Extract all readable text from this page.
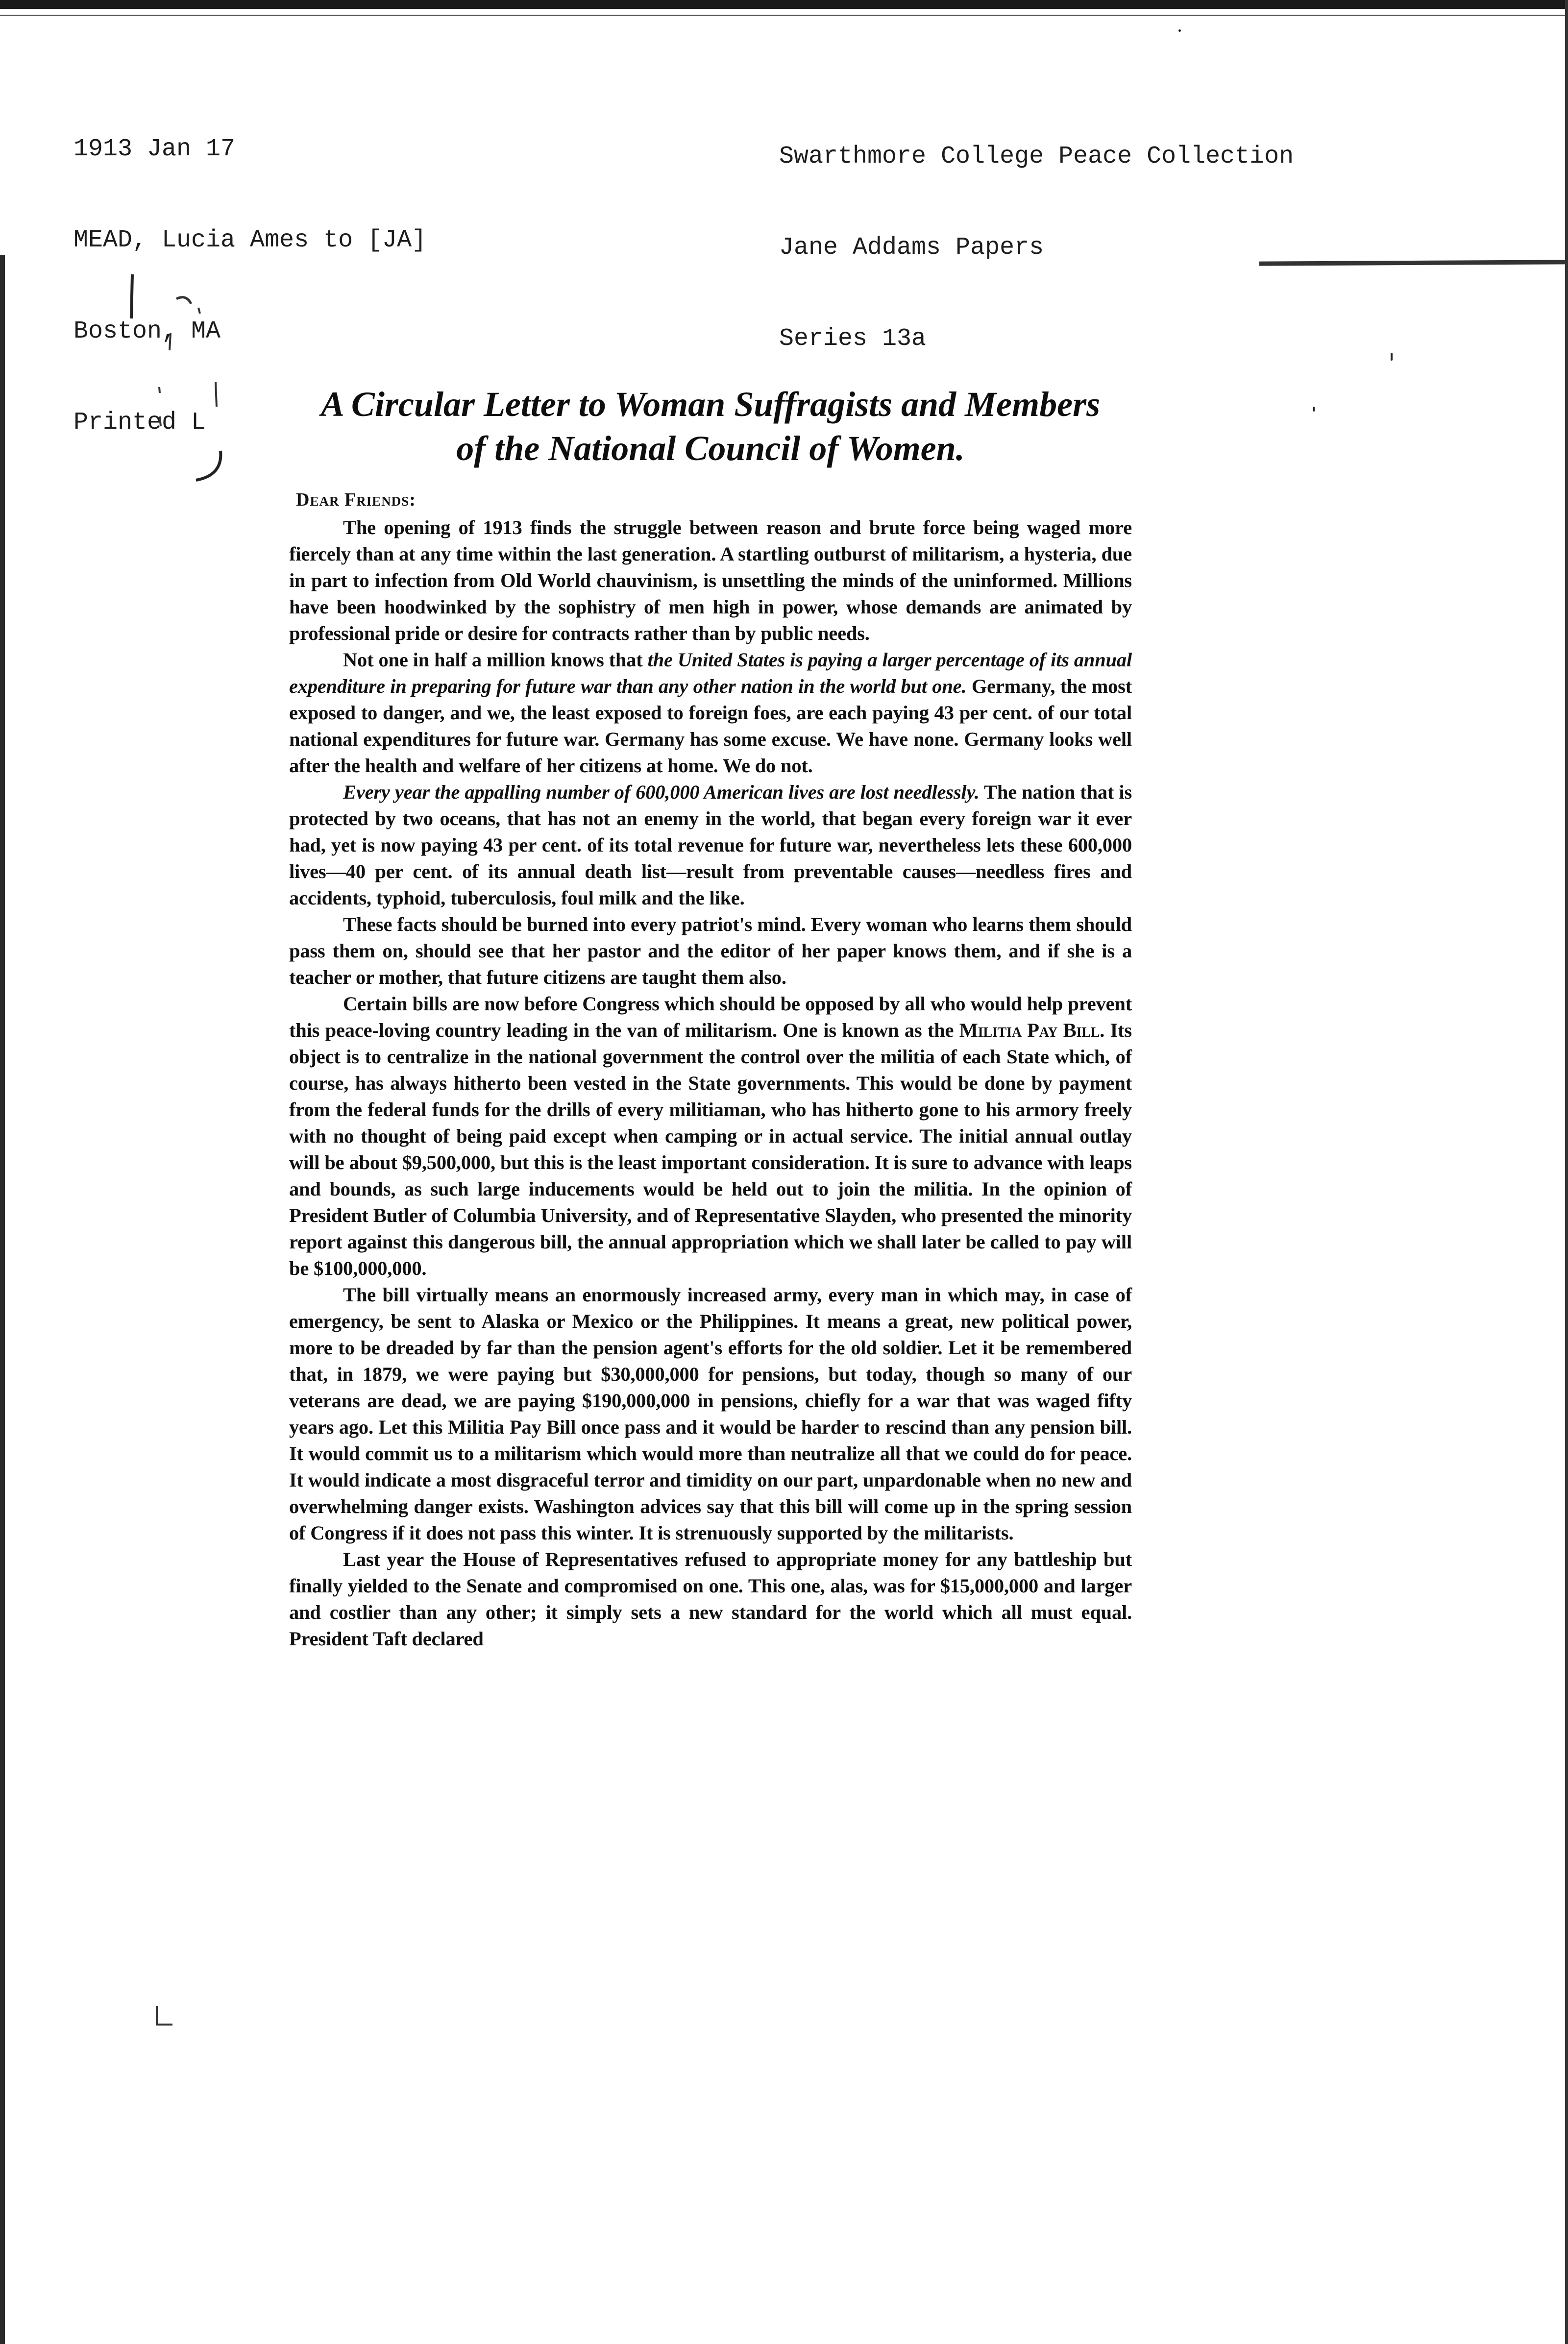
1913 Jan 17

MEAD, Lucia Ames to [JA]

Boston, MA

Printed L

Swarthmore College Peace Collection

Jane Addams Papers

Series 13a

A Circular Letter to Woman Suffragists and Members
of the National Council of Women.
Dear Friends:

The opening of 1913 finds the struggle between reason and brute force being waged more fiercely than at any time within the last generation. A startling outburst of militarism, a hysteria, due in part to infection from Old World chauvinism, is unsettling the minds of the uninformed. Millions have been hoodwinked by the sophistry of men high in power, whose demands are animated by professional pride or desire for contracts rather than by public needs.

Not one in half a million knows that the United States is paying a larger percentage of its annual expenditure in preparing for future war than any other nation in the world but one. Germany, the most exposed to danger, and we, the least exposed to foreign foes, are each paying 43 per cent. of our total national expenditures for future war. Germany has some excuse. We have none. Germany looks well after the health and welfare of her citizens at home. We do not.

Every year the appalling number of 600,000 American lives are lost needlessly. The nation that is protected by two oceans, that has not an enemy in the world, that began every foreign war it ever had, yet is now paying 43 per cent. of its total revenue for future war, nevertheless lets these 600,000 lives—40 per cent. of its annual death list—result from preventable causes—needless fires and accidents, typhoid, tuberculosis, foul milk and the like.

These facts should be burned into every patriot's mind. Every woman who learns them should pass them on, should see that her pastor and the editor of her paper knows them, and if she is a teacher or mother, that future citizens are taught them also.

Certain bills are now before Congress which should be opposed by all who would help prevent this peace-loving country leading in the van of militarism. One is known as the Militia Pay Bill. Its object is to centralize in the national government the control over the militia of each State which, of course, has always hitherto been vested in the State governments. This would be done by payment from the federal funds for the drills of every militiaman, who has hitherto gone to his armory freely with no thought of being paid except when camping or in actual service. The initial annual outlay will be about $9,500,000, but this is the least important consideration. It is sure to advance with leaps and bounds, as such large inducements would be held out to join the militia. In the opinion of President Butler of Columbia University, and of Representative Slayden, who presented the minority report against this dangerous bill, the annual appropriation which we shall later be called to pay will be $100,000,000.

The bill virtually means an enormously increased army, every man in which may, in case of emergency, be sent to Alaska or Mexico or the Philippines. It means a great, new political power, more to be dreaded by far than the pension agent's efforts for the old soldier. Let it be remembered that, in 1879, we were paying but $30,000,000 for pensions, but today, though so many of our veterans are dead, we are paying $190,000,000 in pensions, chiefly for a war that was waged fifty years ago. Let this Militia Pay Bill once pass and it would be harder to rescind than any pension bill. It would commit us to a militarism which would more than neutralize all that we could do for peace. It would indicate a most disgraceful terror and timidity on our part, unpardonable when no new and overwhelming danger exists. Washington advices say that this bill will come up in the spring session of Congress if it does not pass this winter. It is strenuously supported by the militarists.

Last year the House of Representatives refused to appropriate money for any battleship but finally yielded to the Senate and compromised on one. This one, alas, was for $15,000,000 and larger and costlier than any other; it simply sets a new standard for the world which all must equal. President Taft declared
